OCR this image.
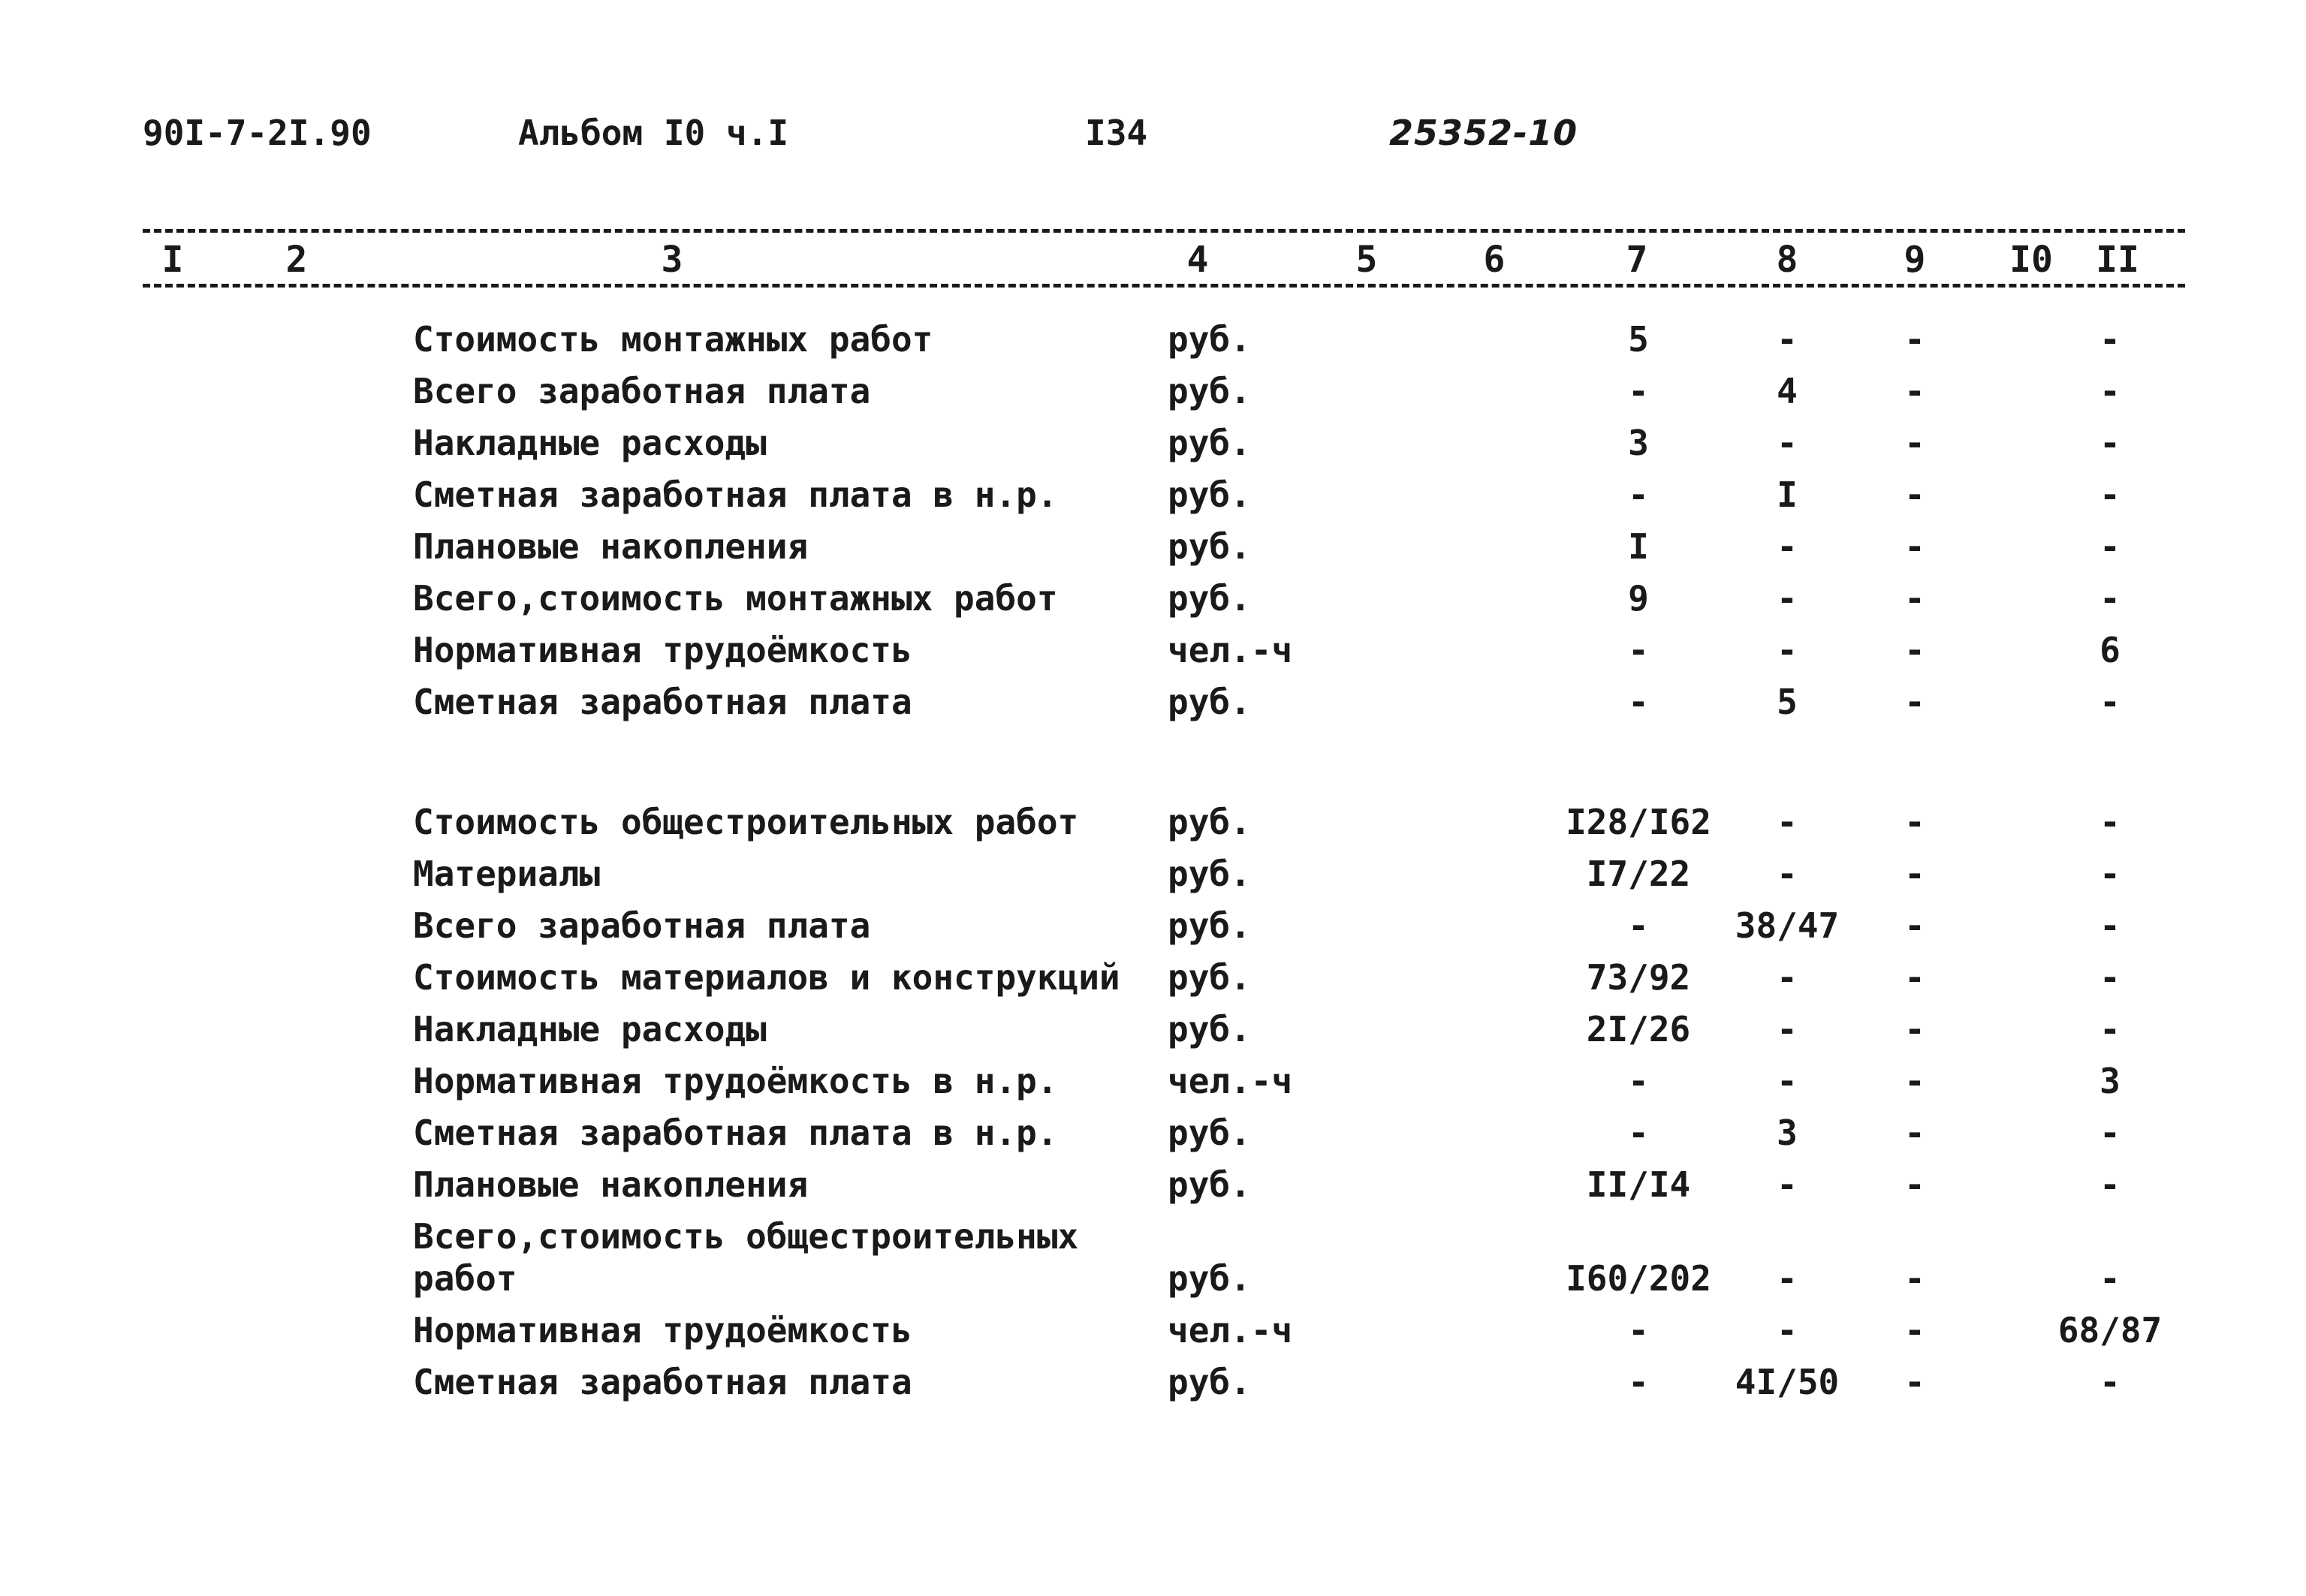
90I-7-2I.90	Альбом I0 ч.I	I34	25352-10
I	2	3	4	5	6	7	8	9 I0 II
Стоимость монтажных работ	руб.	5	-	-	-
Всего заработная плата	руб.	-	4	-	-
Накладные расходы	руб.	3	-	-	-
Сметная заработная плата в н.р.	руб.	-	I	-	-
Плановые накопления	руб.	I	-	-	-
Всего,стоимость монтажных работ	руб.	9	-	-	-
Нормативная трудоёмкость	чел.-ч	-	-	-	6
Сметная заработная плата	руб.	-	5	-	-
Стоимость общестроительных работ	руб.	I28/I62 -	-	-
Материалы	руб.	I7/22 -	-	-
Всего заработная плата	руб.	- 38/47 -	-
Стоимость материалов и конструкций руб.	73/92 -	-	-
Накладные расходы	руб.	2I/26 -	-	-
Нормативная трудоёмкость в н.р.	чел.-ч	-	-	-	3
Сметная заработная плата в н.р.	руб.	-	3	-	-
Плановые накопления	руб.	II/I4 -	-	-
Всего,стоимость общестроительных
работ	руб.	I60/202 -	-	-
Нормативная трудоёмкость	чел.-ч	-	-	-	68/87
Сметная заработная плата	руб.	- 4I/50 -	-
